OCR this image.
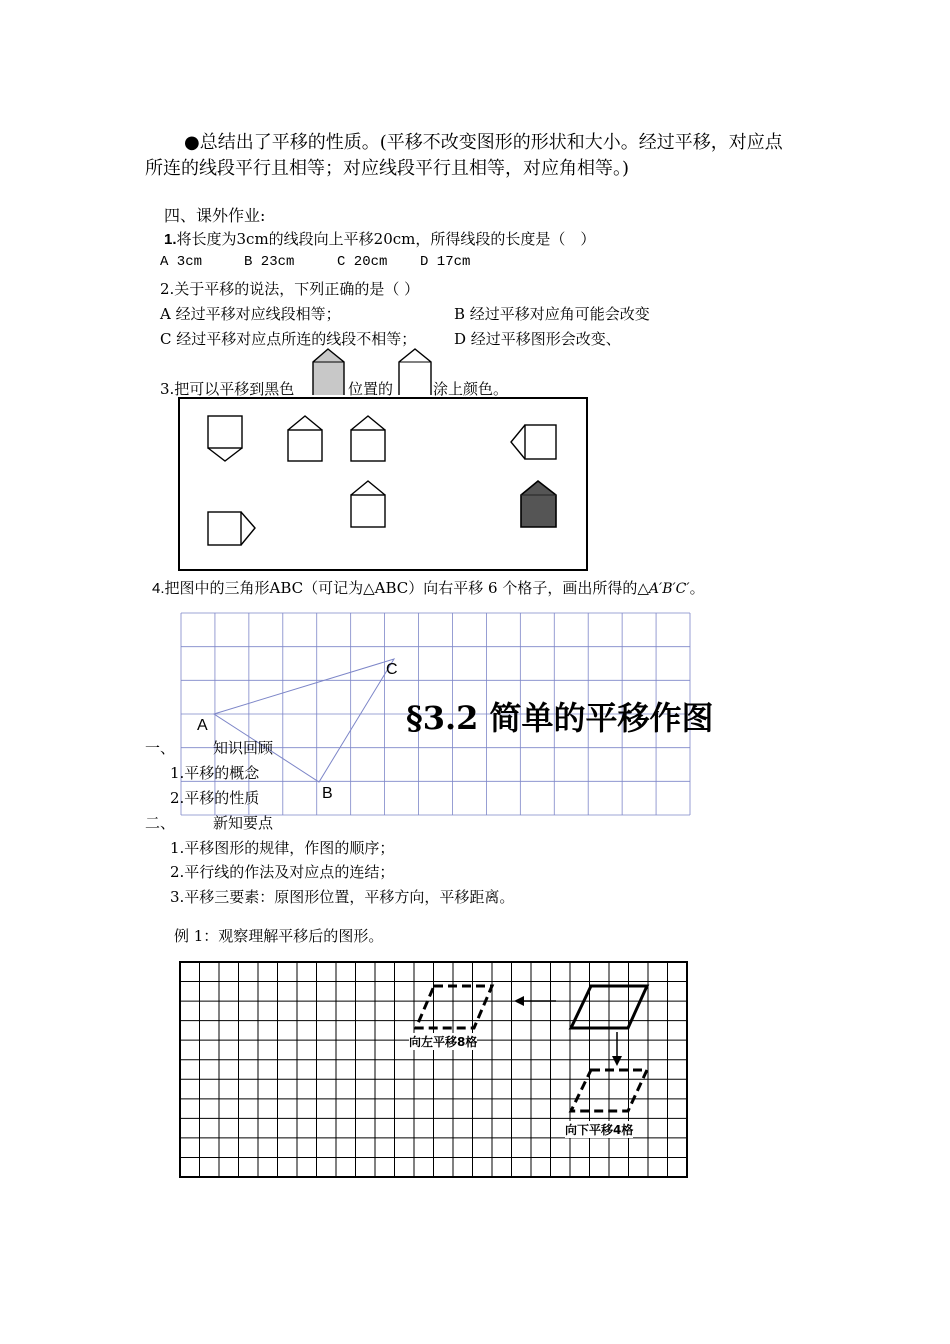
●总结出了平移的性质。(平移不改变图形的形状和大小。经过平移，对应点
所连的线段平行且相等；对应线段平行且相等，对应角相等。)
四、课外作业:
1.将长度为3cm的线段向上平移20cm，所得线段的长度是（　）
A 3cm	B 23cm	C 20cm D 17cm
2.关于平移的说法，下列正确的是（ ）
A 经过平移对应线段相等；	B 经过平移对应角可能会改变
C 经过平移对应点所连的线段不相等；	D 经过平移图形会改变、
3.把可以平移到黑色	位置的	涂上颜色。
4.把图中的三角形ABC（可记为△ABC）向右平移 6 个格子，画出所得的△A′B′C′。
A
C
B
§3.2 简单的平移作图
一、	知识回顾
1.平移的概念
2.平移的性质
二、	新知要点
1.平移图形的规律，作图的顺序；
2.平行线的作法及对应点的连结；
3.平移三要素：原图形位置，平移方向，平移距离。
例 1：观察理解平移后的图形。
向左平移8格
向下平移4格
